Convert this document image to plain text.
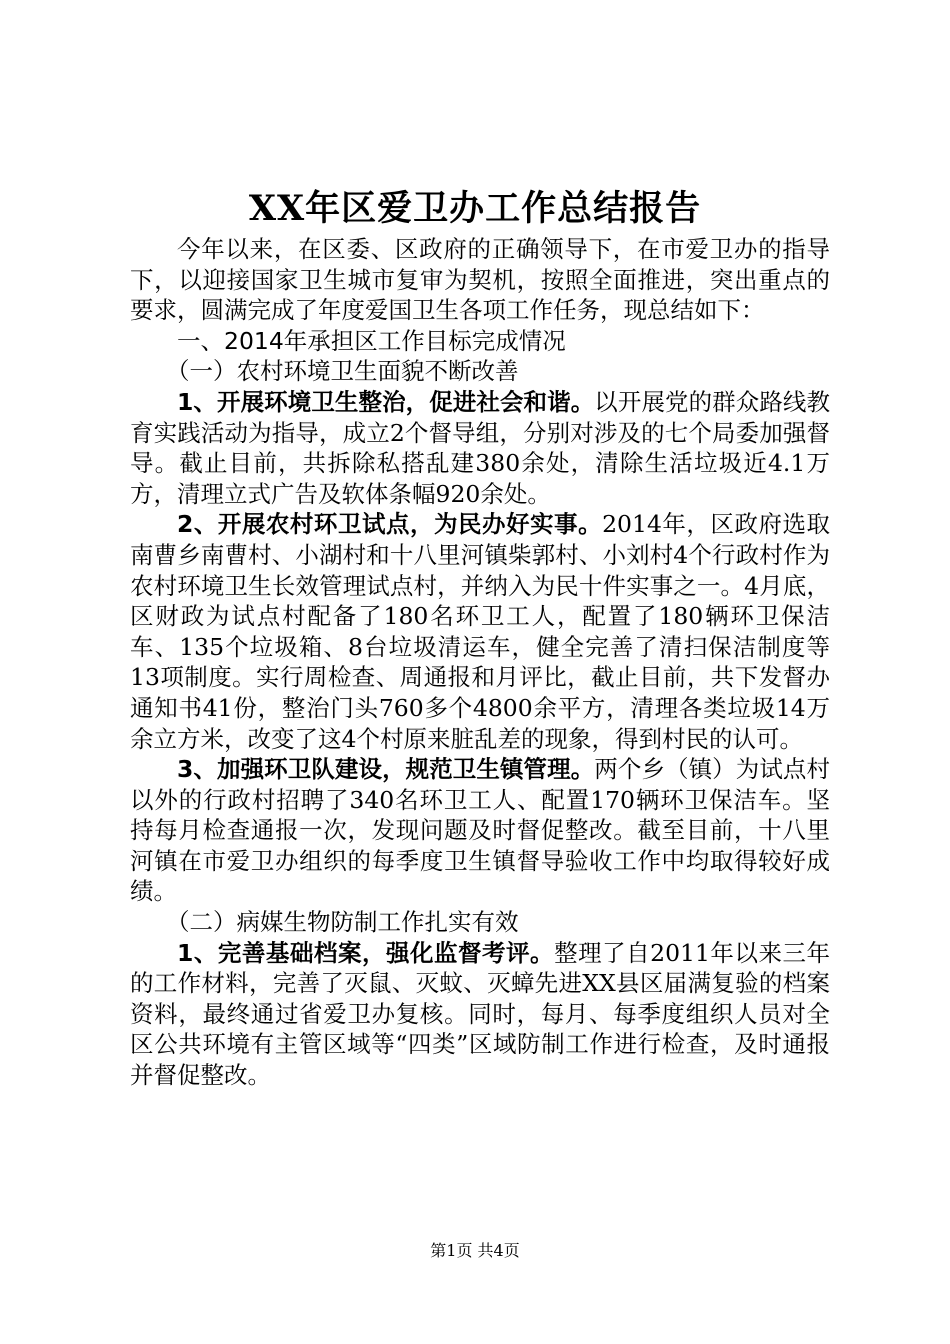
XX年区爱卫办工作总结报告

今年以来，在区委、区政府的正确领导下，在市爱卫办的指导下，以迎接国家卫生城市复审为契机，按照全面推进，突出重点的要求，圆满完成了年度爱国卫生各项工作任务，现总结如下：

一、2014年承担区工作目标完成情况

（一）农村环境卫生面貌不断改善

1、开展环境卫生整治，促进社会和谐。以开展党的群众路线教育实践活动为指导，成立2个督导组，分别对涉及的七个局委加强督导。截止目前，共拆除私搭乱建380余处，清除生活垃圾近4.1万方，清理立式广告及软体条幅920余处。

2、开展农村环卫试点，为民办好实事。2014年，区政府选取南曹乡南曹村、小湖村和十八里河镇柴郭村、小刘村4个行政村作为农村环境卫生长效管理试点村，并纳入为民十件实事之一。4月底，区财政为试点村配备了180名环卫工人，配置了180辆环卫保洁车、135个垃圾箱、8台垃圾清运车，健全完善了清扫保洁制度等13项制度。实行周检查、周通报和月评比，截止目前，共下发督办通知书41份，整治门头760多个4800余平方，清理各类垃圾14万余立方米，改变了这4个村原来脏乱差的现象，得到村民的认可。

3、加强环卫队建设，规范卫生镇管理。两个乡（镇）为试点村以外的行政村招聘了340名环卫工人、配置170辆环卫保洁车。坚持每月检查通报一次，发现问题及时督促整改。截至目前，十八里河镇在市爱卫办组织的每季度卫生镇督导验收工作中均取得较好成绩。

（二）病媒生物防制工作扎实有效

1、完善基础档案，强化监督考评。整理了自2011年以来三年的工作材料，完善了灭鼠、灭蚊、灭蟑先进XX县区届满复验的档案资料，最终通过省爱卫办复核。同时，每月、每季度组织人员对全区公共环境有主管区域等“四类”区域防制工作进行检查，及时通报并督促整改。

第1页 共4页
